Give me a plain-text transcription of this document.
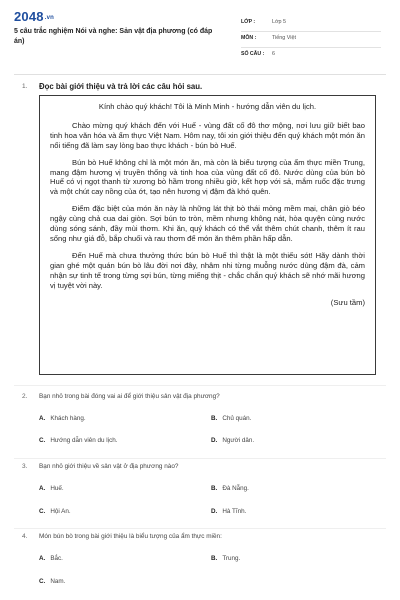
2048.vn
5 câu trắc nghiệm Nói và nghe: Sản vật địa phương (có đáp án)
LỚP :	Lớp 5
MÔN :	Tiếng Việt
SỐ CÂU : 6
1. Đọc bài giới thiệu và trả lời các câu hỏi sau.

Kính chào quý khách! Tôi là Minh Minh - hướng dẫn viên du lịch.

Chào mừng quý khách đến với Huế - vùng đất cố đô thơ mộng, nơi lưu giữ biết bao tinh hoa văn hóa và ẩm thực Việt Nam. Hôm nay, tôi xin giới thiệu đến quý khách một món ăn nổi tiếng đã làm say lòng bao thực khách - bún bò Huế.

Bún bò Huế không chỉ là một món ăn, mà còn là biểu tượng của ẩm thực miền Trung, mang đậm hương vị truyền thống và tinh hoa của vùng đất cố đô. Nước dùng của bún bò Huế có vị ngọt thanh từ xương bò hầm trong nhiều giờ, kết hợp với sả, mắm ruốc đặc trưng và một chút cay nồng của ớt, tạo nên hương vị đậm đà khó quên.

Điểm đặc biệt của món ăn này là những lát thịt bò thái mỏng mềm mại, chân giò béo ngậy cùng chả cua dai giòn. Sợi bún to tròn, mềm nhưng không nát, hòa quyện cùng nước dùng sóng sánh, đầy mùi thơm. Khi ăn, quý khách có thể vắt thêm chút chanh, thêm ít rau sống như giá đỗ, bắp chuối và rau thơm để món ăn thêm phần hấp dẫn.

Đến Huế mà chưa thưởng thức bún bò Huế thì thật là một thiếu sót! Hãy dành thời gian ghé một quán bún bò lâu đời nơi đây, nhâm nhi từng muỗng nước dùng đậm đà, cảm nhận sự tinh tế trong từng sợi bún, từng miếng thịt - chắc chắn quý khách sẽ nhớ mãi hương vị tuyệt vời này.

(Sưu tầm)

2. Bạn nhỏ trong bài đóng vai ai để giới thiệu sản vật địa phương?
A. Khách hàng.	B. Chủ quán.
C. Hướng dẫn viên du lịch.	D. Người dân.
3. Bạn nhỏ giới thiệu về sản vật ở địa phương nào?
A. Huế.	B. Đà Nẵng.
C. Hội An.	D. Hà Tĩnh.
4. Món bún bò trong bài giới thiệu là biểu tượng của ẩm thực miền:
A. Bắc.	B. Trung.
C. Nam.
